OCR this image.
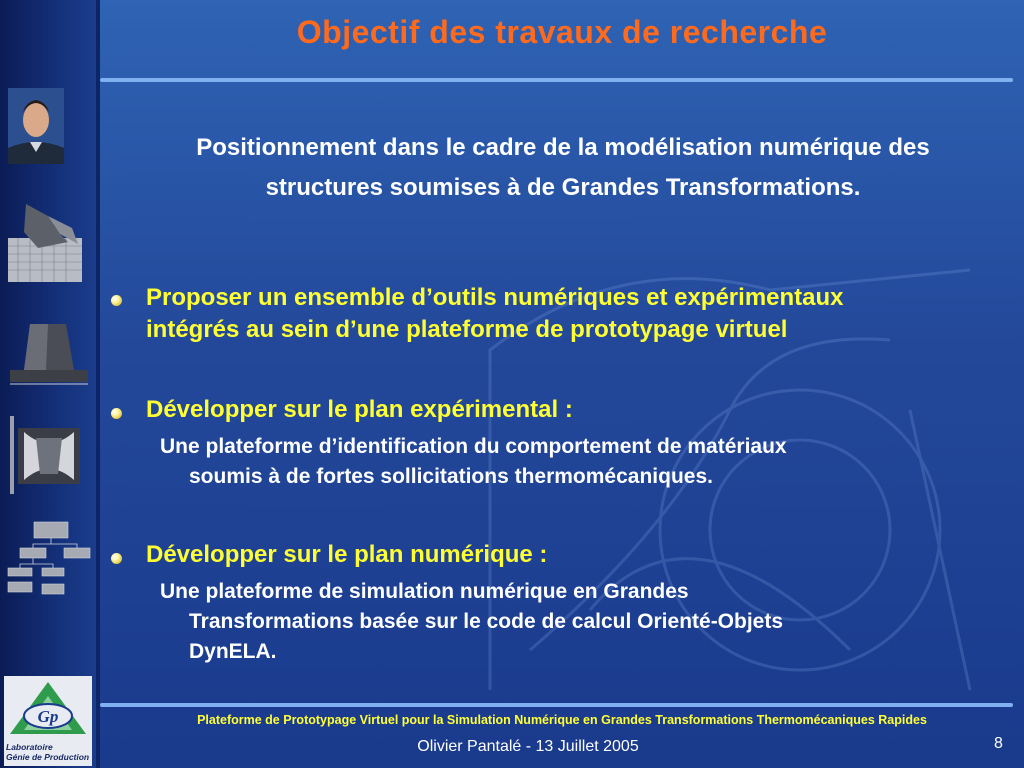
Gp
Laboratoire
Génie de Production
Objectif des travaux de recherche
Positionnement dans le cadre de la modélisation numérique des
structures soumises à de Grandes Transformations.
Proposer un ensemble d’outils numériques et expérimentaux
intégrés au sein d’une plateforme de prototypage virtuel
Développer sur le plan expérimental :
Une plateforme d’identification du comportement de matériaux
soumis à de fortes sollicitations thermomécaniques.
Développer sur le plan numérique :
Une plateforme de simulation numérique en Grandes
Transformations basée sur le code de calcul Orienté-Objets
DynELA.
Plateforme de Prototypage Virtuel pour la Simulation Numérique en Grandes Transformations Thermomécaniques Rapides
Olivier Pantalé - 13 Juillet 2005	8
